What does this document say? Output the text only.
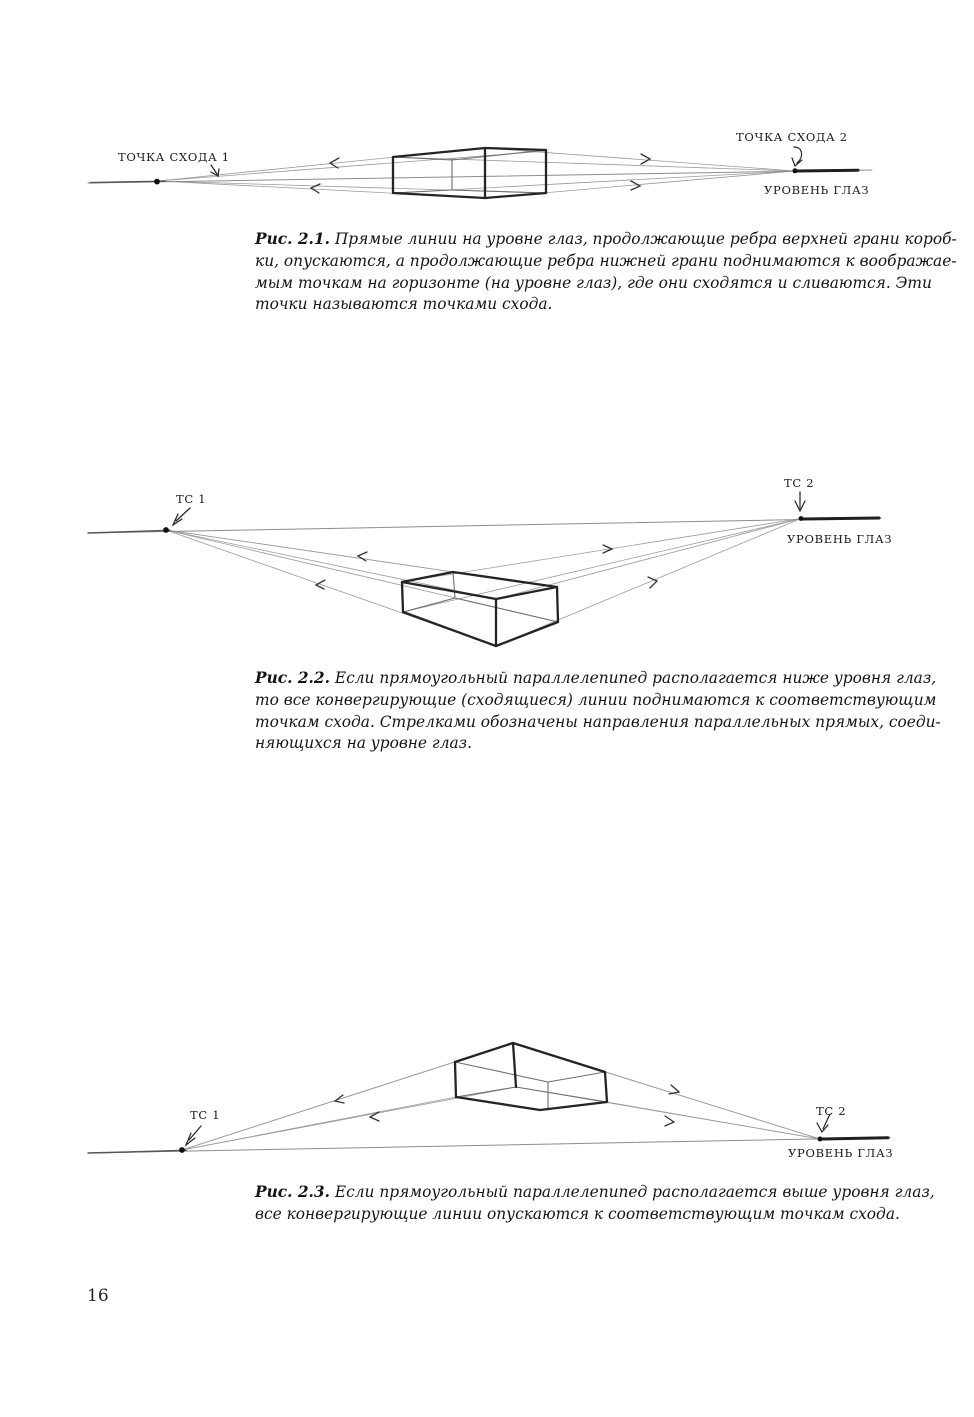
ТОЧКА СХОДА 1
ТОЧКА СХОДА 2
УРОВЕНЬ ГЛАЗ
ТС 1
ТС 2
УРОВЕНЬ ГЛАЗ
ТС 1	ТС 2
УРОВЕНЬ ГЛАЗ
Рис. 2.1. Прямые линии на уровне глаз, продолжающие ребра верхней грани короб-
ки, опускаются, а продолжающие ребра нижней грани поднимаются к воображае-
мым точкам на горизонте (на уровне глаз), где они сходятся и сливаются. Эти
точки называются точками схода.
Рис. 2.2. Если прямоугольный параллелепипед располагается ниже уровня глаз,
то все конвергирующие (сходящиеся) линии поднимаются к соответствующим
точкам схода. Стрелками обозначены направления параллельных прямых, соеди-
няющихся на уровне глаз.
Рис. 2.3. Если прямоугольный параллелепипед располагается выше уровня глаз,
все конвергирующие линии опускаются к соответствующим точкам схода.
16
